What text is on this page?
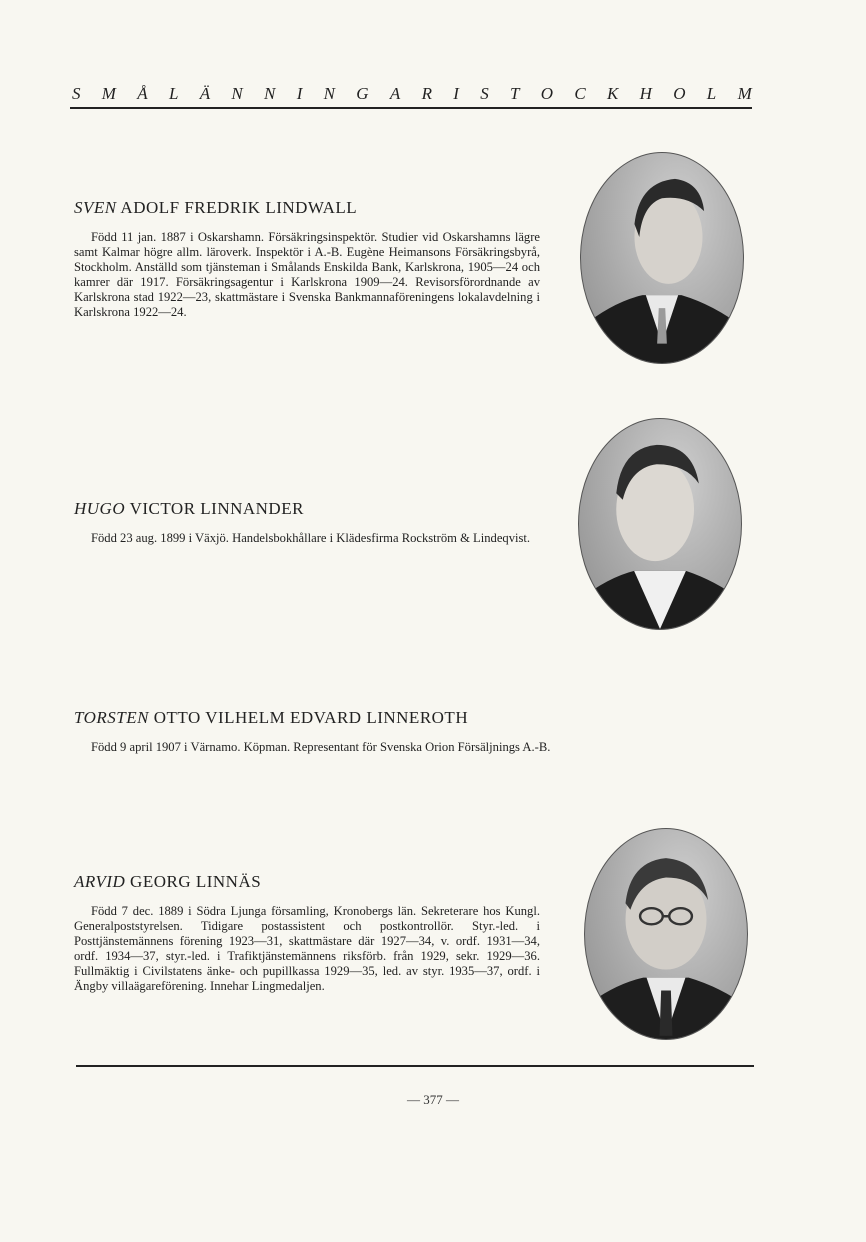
S M Å L Ä N N I N G A R I S T O C K H O L M
SVEN ADOLF FREDRIK LINDWALL
Född 11 jan. 1887 i Oskarshamn. Försäkringsinspektör. Studier vid Oskarshamns lägre samt Kalmar högre allm. läroverk. Inspektör i A.-B. Eugène Heimansons Försäkringsbyrå, Stockholm. Anställd som tjänsteman i Smålands Enskilda Bank, Karlskrona, 1905—24 och kamrer där 1917. Försäkringsagentur i Karlskrona 1909—24. Revisorsförordnande av Karlskrona stad 1922—23, skattmästare i Svenska Bankmannaföreningens lokalavdelning i Karlskrona 1922—24.
HUGO VICTOR LINNANDER
Född 23 aug. 1899 i Växjö. Handelsbokhållare i Klädesfirma Rockström & Lindeqvist.
TORSTEN OTTO VILHELM EDVARD LINNEROTH
Född 9 april 1907 i Värnamo. Köpman. Representant för Svenska Orion Försäljnings A.-B.
ARVID GEORG LINNÄS
Född 7 dec. 1889 i Södra Ljunga församling, Kronobergs län. Sekreterare hos Kungl. Generalpoststyrelsen. Tidigare postassistent och postkontrollör. Styr.-led. i Posttjänstemännens förening 1923—31, skattmästare där 1927—34, v. ordf. 1931—34, ordf. 1934—37, styr.-led. i Trafiktjänstemännens riksförb. från 1929, sekr. 1929—36. Fullmäktig i Civilstatens änke- och pupillkassa 1929—35, led. av styr. 1935—37, ordf. i Ängby villaägareförening. Innehar Lingmedaljen.
— 377 —
